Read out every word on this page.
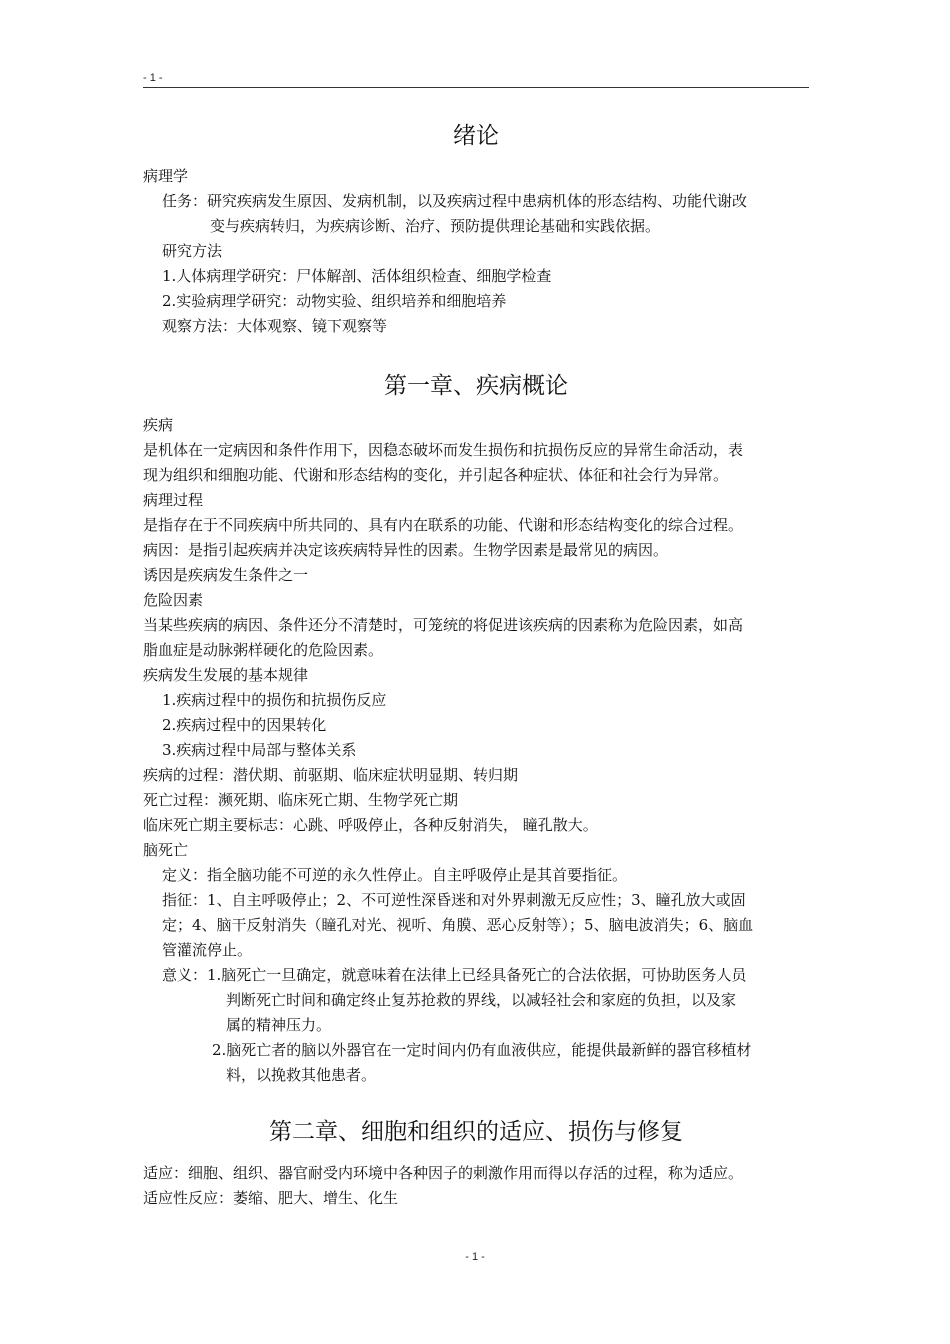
- 1 -
绪论
病理学
任务：研究疾病发生原因、发病机制，以及疾病过程中患病机体的形态结构、功能代谢改
变与疾病转归，为疾病诊断、治疗、预防提供理论基础和实践依据。
研究方法
1.人体病理学研究：尸体解剖、活体组织检查、细胞学检查
2.实验病理学研究：动物实验、组织培养和细胞培养
观察方法：大体观察、镜下观察等
第一章、疾病概论
疾病
是机体在一定病因和条件作用下，因稳态破坏而发生损伤和抗损伤反应的异常生命活动，表
现为组织和细胞功能、代谢和形态结构的变化，并引起各种症状、体征和社会行为异常。
病理过程
是指存在于不同疾病中所共同的、具有内在联系的功能、代谢和形态结构变化的综合过程。
病因：是指引起疾病并决定该疾病特异性的因素。生物学因素是最常见的病因。
诱因是疾病发生条件之一
危险因素
当某些疾病的病因、条件还分不清楚时，可笼统的将促进该疾病的因素称为危险因素，如高
脂血症是动脉粥样硬化的危险因素。
疾病发生发展的基本规律
1.疾病过程中的损伤和抗损伤反应
2.疾病过程中的因果转化
3.疾病过程中局部与整体关系
疾病的过程：潜伏期、前驱期、临床症状明显期、转归期
死亡过程：濒死期、临床死亡期、生物学死亡期
临床死亡期主要标志：心跳、呼吸停止，各种反射消失， 瞳孔散大。
脑死亡
定义：指全脑功能不可逆的永久性停止。自主呼吸停止是其首要指征。
指征：1、自主呼吸停止；2、不可逆性深昏迷和对外界刺激无反应性；3、瞳孔放大或固
定；4、脑干反射消失（瞳孔对光、视听、角膜、恶心反射等）；5、脑电波消失；6、脑血
管灌流停止。
意义：1.脑死亡一旦确定，就意味着在法律上已经具备死亡的合法依据，可协助医务人员
判断死亡时间和确定终止复苏抢救的界线，以减轻社会和家庭的负担，以及家
属的精神压力。
2.脑死亡者的脑以外器官在一定时间内仍有血液供应，能提供最新鲜的器官移植材
料，以挽救其他患者。
第二章、细胞和组织的适应、损伤与修复
适应：细胞、组织、器官耐受内环境中各种因子的刺激作用而得以存活的过程，称为适应。
适应性反应：萎缩、肥大、增生、化生
- 1 -
